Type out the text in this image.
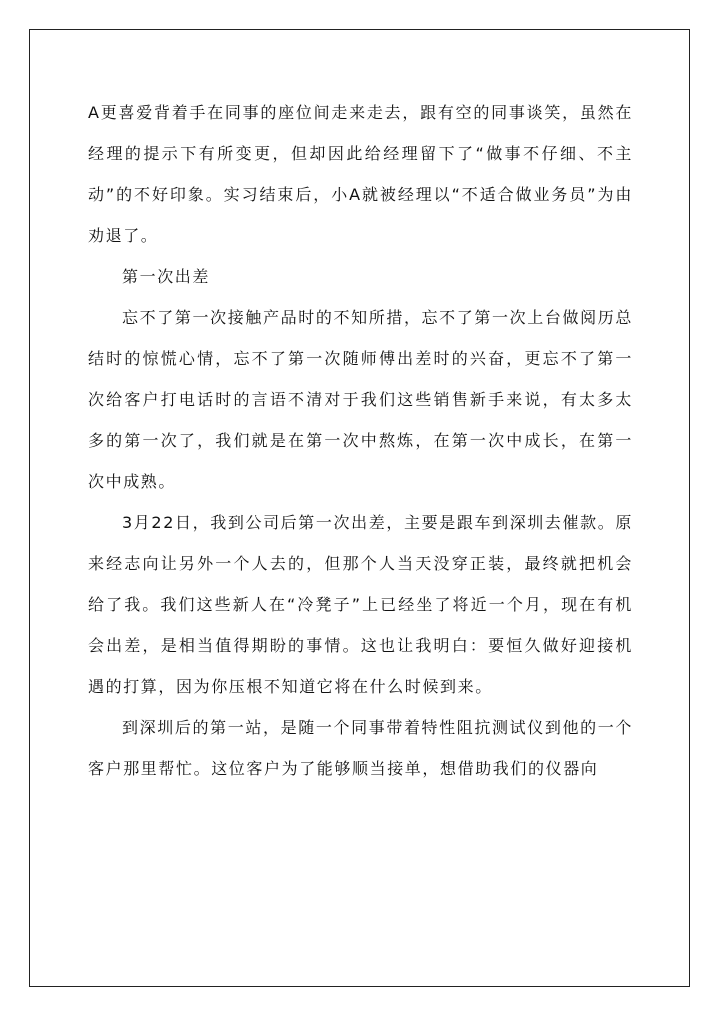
A更喜爱背着手在同事的座位间走来走去，跟有空的同事谈笑，虽然在经理的提示下有所变更，但却因此给经理留下了“做事不仔细、不主动”的不好印象。实习结束后，小A就被经理以“不适合做业务员”为由劝退了。

第一次出差

忘不了第一次接触产品时的不知所措，忘不了第一次上台做阅历总结时的惊慌心情，忘不了第一次随师傅出差时的兴奋，更忘不了第一次给客户打电话时的言语不清对于我们这些销售新手来说，有太多太多的第一次了，我们就是在第一次中熬炼，在第一次中成长，在第一次中成熟。

3月22日，我到公司后第一次出差，主要是跟车到深圳去催款。原来经志向让另外一个人去的，但那个人当天没穿正装，最终就把机会给了我。我们这些新人在“冷凳子”上已经坐了将近一个月，现在有机会出差，是相当值得期盼的事情。这也让我明白：要恒久做好迎接机遇的打算，因为你压根不知道它将在什么时候到来。

到深圳后的第一站，是随一个同事带着特性阻抗测试仪到他的一个客户那里帮忙。这位客户为了能够顺当接单，想借助我们的仪器向
